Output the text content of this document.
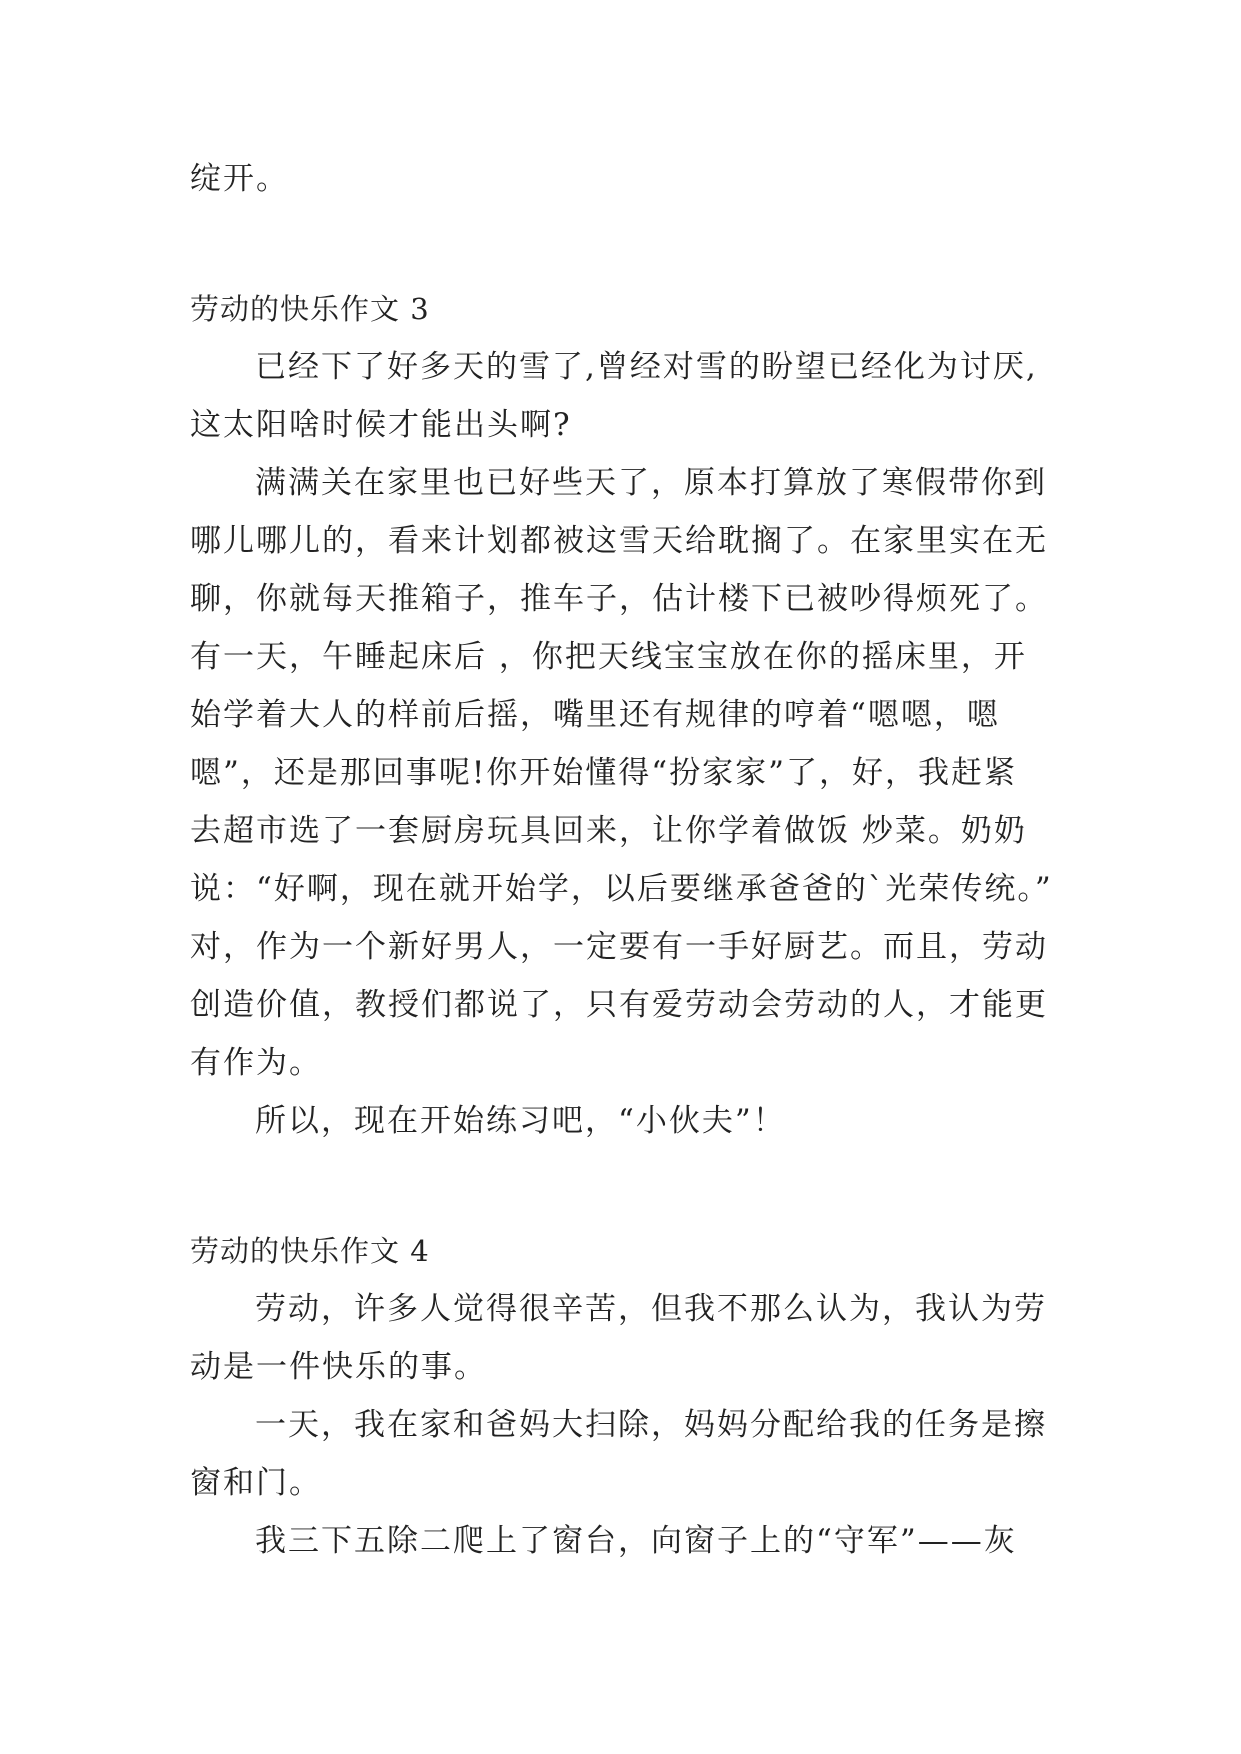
绽开。
劳动的快乐作文 3
已经下了好多天的雪了,曾经对雪的盼望已经化为讨厌,
这太阳啥时候才能出头啊?
满满关在家里也已好些天了，原本打算放了寒假带你到
哪儿哪儿的，看来计划都被这雪天给耽搁了。在家里实在无
聊，你就每天推箱子，推车子，估计楼下已被吵得烦死了。
有一天，午睡起床后 ，你把天线宝宝放在你的摇床里，开
始学着大人的样前后摇，嘴里还有规律的哼着“嗯嗯，嗯
嗯”，还是那回事呢!你开始懂得“扮家家”了，好，我赶紧
去超市选了一套厨房玩具回来，让你学着做饭 炒菜。奶奶
说：“好啊，现在就开始学，以后要继承爸爸的`光荣传统。”
对，作为一个新好男人，一定要有一手好厨艺。而且，劳动
创造价值，教授们都说了，只有爱劳动会劳动的人，才能更
有作为。
所以，现在开始练习吧，“小伙夫”！
劳动的快乐作文 4
劳动，许多人觉得很辛苦，但我不那么认为，我认为劳
动是一件快乐的事。
一天，我在家和爸妈大扫除，妈妈分配给我的任务是擦
窗和门。
我三下五除二爬上了窗台，向窗子上的“守军”——灰
